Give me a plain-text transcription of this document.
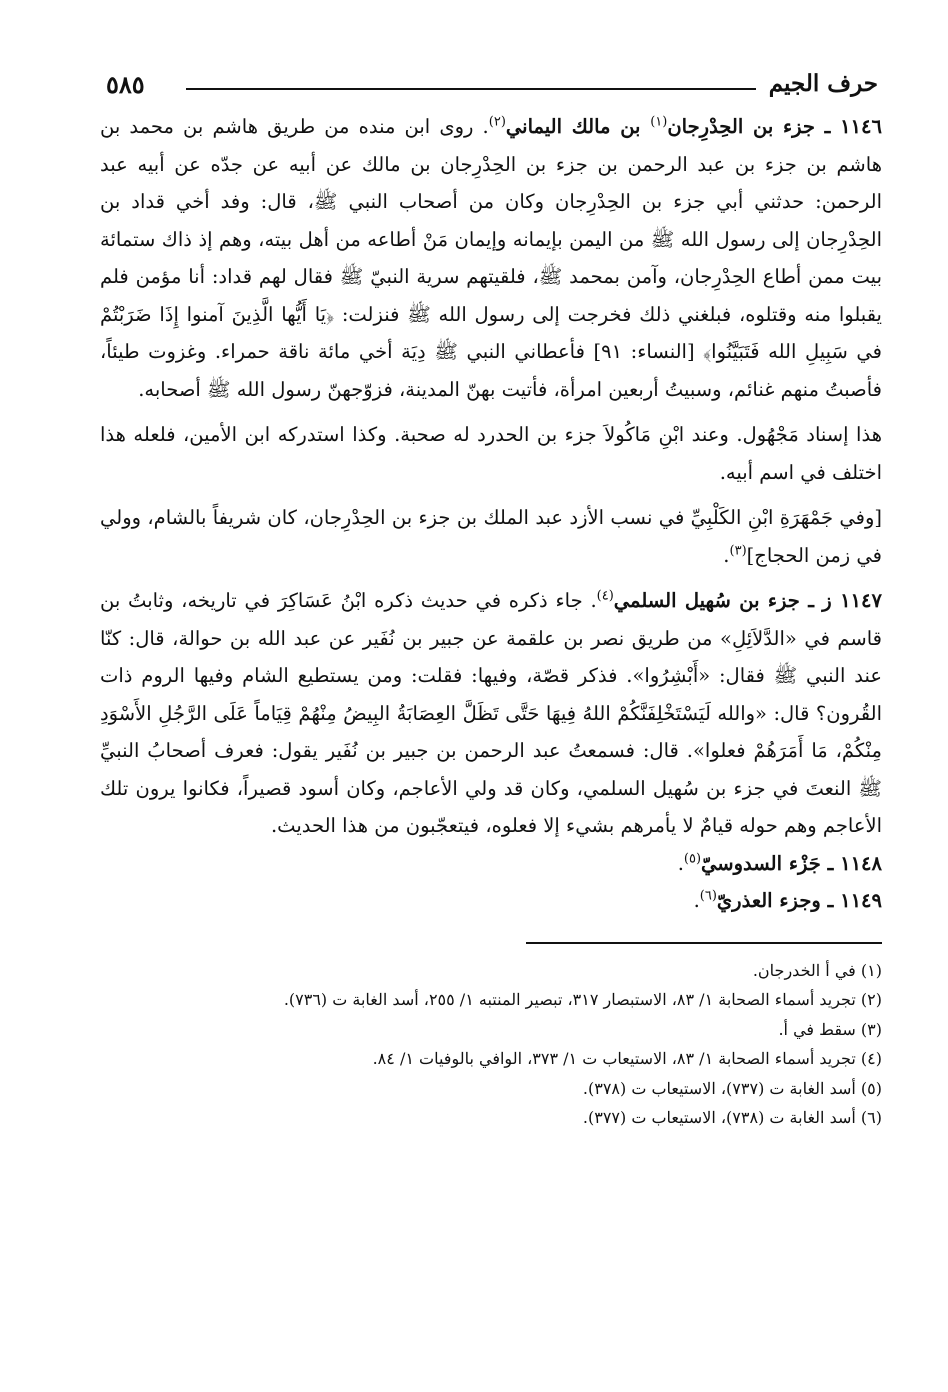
حرف الجيم
٥٨٥

١١٤٦ ـ جزء بن الحِدْرِجان$^{(١)}$ بن مالك اليماني$^{(٢)}$. روى ابن منده من طريق هاشم بن محمد بن هاشم بن جزء بن عبد الرحمن بن جزء بن الحِدْرِجان بن مالك عن أبيه عن جدّه عن أبيه عبد الرحمن: حدثني أبي جزء بن الحِدْرِجان وكان من أصحاب النبي ﷺ، قال: وفد أخي قداد بن الحِدْرِجان إلى رسول الله ﷺ من اليمن بإيمانه وإيمان مَنْ أطاعه من أهل بيته، وهم إذ ذاك ستمائة بيت ممن أطاع الحِدْرِجان، وآمن بمحمد ﷺ، فلقيتهم سرية النبيّ ﷺ فقال لهم قداد: أنا مؤمن فلم يقبلوا منه وقتلوه، فبلغني ذلك فخرجت إلى رسول الله ﷺ فنزلت: ﴿يَا أَيُّها الَّذِينَ آمنوا إِذَا ضَرَبْتُمْ في سَبِيلِ الله فَتَبَيَّنُوا﴾ [النساء: ٩١] فأعطاني النبي ﷺ دِيَة أخي مائة ناقة حمراء. وغزوت طيئاً، فأصبتُ منهم غنائم، وسبيتُ أربعين امرأة، فأتيت بهنّ المدينة، فزوّجهنّ رسول الله ﷺ أصحابه.

هذا إسناد مَجْهُول. وعند ابْنِ مَاكُولاَ جزء بن الحدرد له صحبة. وكذا استدركه ابن الأمين، فلعله هذا اختلف في اسم أبيه.

[وفي جَمْهَرَةِ ابْنِ الكَلْبِيِّ في نسب الأزد عبد الملك بن جزء بن الحِدْرِجان، كان شريفاً بالشام، وولي في زمن الحجاج]$^{(٣)}$.

١١٤٧ ز ـ جزء بن سُهيل السلمي$^{(٤)}$. جاء ذكره في حديث ذكره ابْنُ عَسَاكِرَ في تاريخه، وثابتُ بن قاسم في «الدَّلاَئِلِ» من طريق نصر بن علقمة عن جبير بن نُفَير عن عبد الله بن حوالة، قال: كنّا عند النبي ﷺ فقال: «أَبْشِرُوا». فذكر قصّة، وفيها: فقلت: ومن يستطيع الشام وفيها الروم ذات القُرون؟ قال: «والله لَيَسْتَخْلِفَنَّكُمْ اللهُ فِيهَا حَتَّى تَظَلَّ العِصَابَةُ البِيضُ مِنْهُمْ قِيَاماً عَلَى الرَّجُلِ الأَسْوَدِ مِنْكُمْ، مَا أَمَرَهُمْ فعلوا». قال: فسمعتُ عبد الرحمن بن جبير بن نُفَير يقول: فعرف أصحابُ النبيِّ ﷺ النعتَ في جزء بن سُهيل السلمي، وكان قد ولي الأعاجم، وكان أسود قصيراً، فكانوا يرون تلك الأعاجم وهم حوله قيامٌ لا يأمرهم بشيء إلا فعلوه، فيتعجّبون من هذا الحديث.

١١٤٨ ـ جَزْء السدوسيّ$^{(٥)}$.
١١٤٩ ـ وجزء العذريّ$^{(٦)}$.
(١) في أ الخدرجان.
(٢) تجريد أسماء الصحابة ١/ ٨٣، الاستبصار ٣١٧، تبصير المنتبه ١/ ٢٥٥، أسد الغابة ت (٧٣٦).
(٣) سقط في أ.
(٤) تجريد أسماء الصحابة ١/ ٨٣، الاستيعاب ت ١/ ٣٧٣، الوافي بالوفيات ١/ ٨٤.
(٥) أسد الغابة ت (٧٣٧)، الاستيعاب ت (٣٧٨).
(٦) أسد الغابة ت (٧٣٨)، الاستيعاب ت (٣٧٧).
